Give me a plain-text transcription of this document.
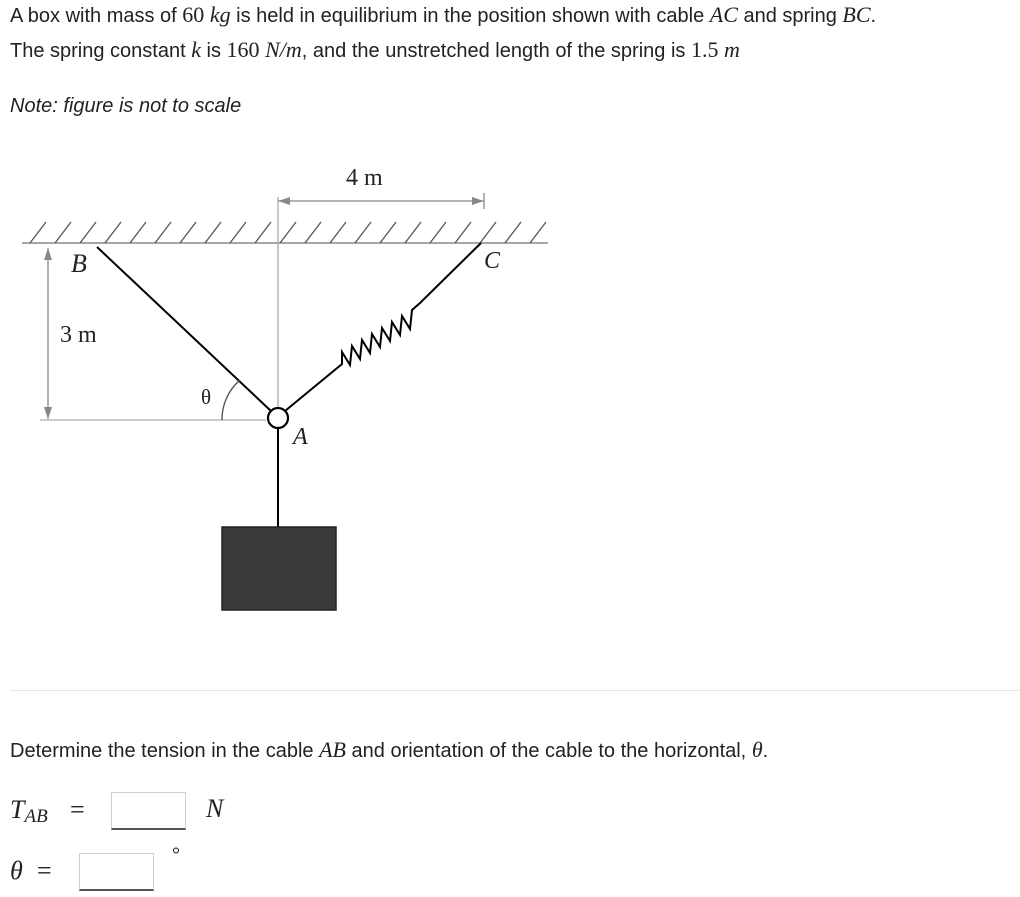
A box with mass of 60 kg is held in equilibrium in the position shown with cable AC and spring BC.
The spring constant k is 160 N/m, and the unstretched length of the spring is 1.5 m
Note: figure is not to scale
4 m
3 m
B	C
θ
A
Determine the tension in the cable AB and orientation of the cable to the horizontal, θ.
$T_{AB}$ =	N
θ =
°
